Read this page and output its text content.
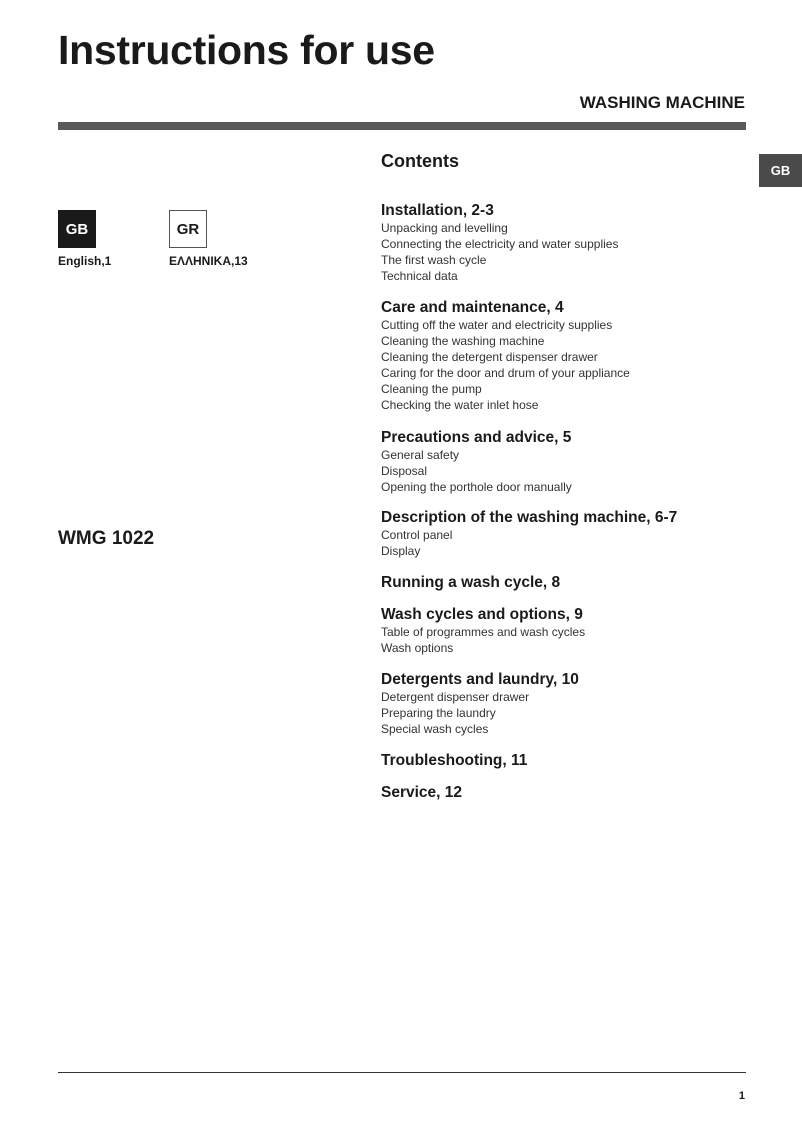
Instructions for use
WASHING MACHINE
GB
GB
English,1
GR
ΕΛΛΗΝΙΚΑ,13
WMG 1022
Contents
Installation, 2-3
Unpacking and levelling
Connecting the electricity and water supplies
The first wash cycle
Technical data
Care and maintenance, 4
Cutting off the water and electricity supplies
Cleaning the washing machine
Cleaning the detergent dispenser drawer
Caring for the door and drum of your appliance
Cleaning the pump
Checking the water inlet hose
Precautions and advice, 5
General safety
Disposal
Opening the porthole door manually
Description of the washing machine, 6-7
Control panel
Display
Running a wash cycle, 8
Wash cycles and options, 9
Table of programmes and wash cycles
Wash options
Detergents and laundry, 10
Detergent dispenser drawer
Preparing the laundry
Special wash cycles
Troubleshooting, 11
Service, 12
1
